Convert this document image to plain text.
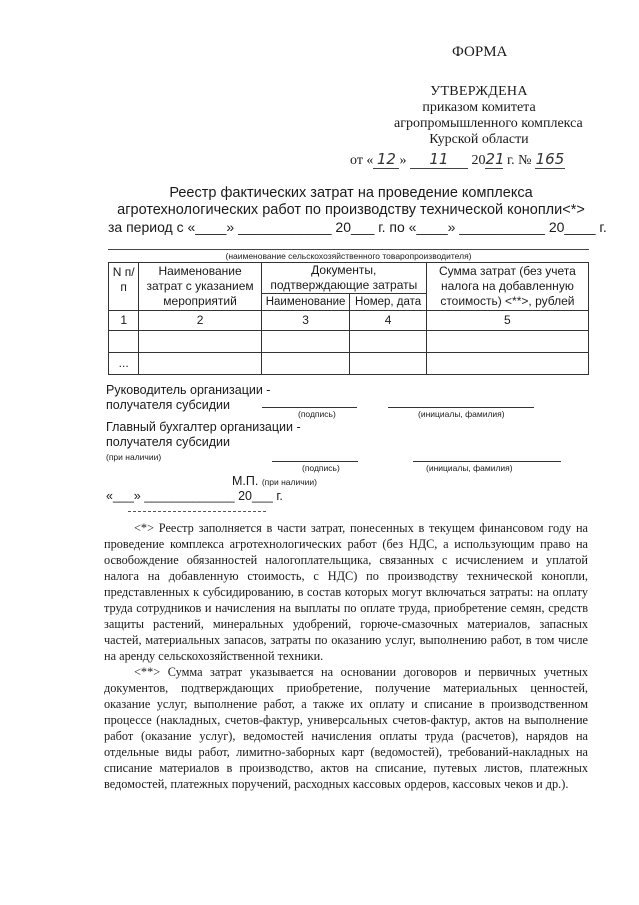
ФОРМА
УТВЕРЖДЕНА
приказом комитета
агропромышленного комплекса
Курской области
от « 12 » 11 2021 г. № 165
Реестр фактических затрат на проведение комплекса агротехнологических работ по производству технической конопли<*>
за период с «____» ____________ 20___ г. по «____» ___________ 20____ г.
(наименование сельскохозяйственного товаропроизводителя)
N п/п	Наименование затрат с указанием мероприятий	Документы, подтверждающие затраты		Сумма затрат (без учета налога на добавленную стоимость) <**>, рублей

		Наименование	Номер, дата	
1	2	3	4	5

...				
Руководитель организации -
получателя субсидии
(подпись)	(инициалы, фамилия)
Главный бухгалтер организации -
получателя субсидии
(при наличии)
(подпись)	(инициалы, фамилия)
М.П. (при наличии)
«___» _____________ 20___ г.

<*> Реестр заполняется в части затрат, понесенных в текущем финансовом году на проведение комплекса агротехнологических работ (без НДС, а использующим право на освобождение обязанностей налогоплательщика, связанных с исчислением и уплатой налога на добавленную стоимость, с НДС) по производству технической конопли, представленных к субсидированию, в состав которых могут включаться затраты: на оплату труда сотрудников и начисления на выплаты по оплате труда, приобретение семян, средств защиты растений, минеральных удобрений, горюче-смазочных материалов, запасных частей, материальных запасов, затраты по оказанию услуг, выполнению работ, в том числе на аренду сельскохозяйственной техники.

<**> Сумма затрат указывается на основании договоров и первичных учетных документов, подтверждающих приобретение, получение материальных ценностей, оказание услуг, выполнение работ, а также их оплату и списание в производственном процессе (накладных, счетов-фактур, универсальных счетов-фактур, актов на выполнение работ (оказание услуг), ведомостей начисления оплаты труда (расчетов), нарядов на отдельные виды работ, лимитно-заборных карт (ведомостей), требований-накладных на списание материалов в производство, актов на списание, путевых листов, платежных ведомостей, платежных поручений, расходных кассовых ордеров, кассовых чеков и др.).
